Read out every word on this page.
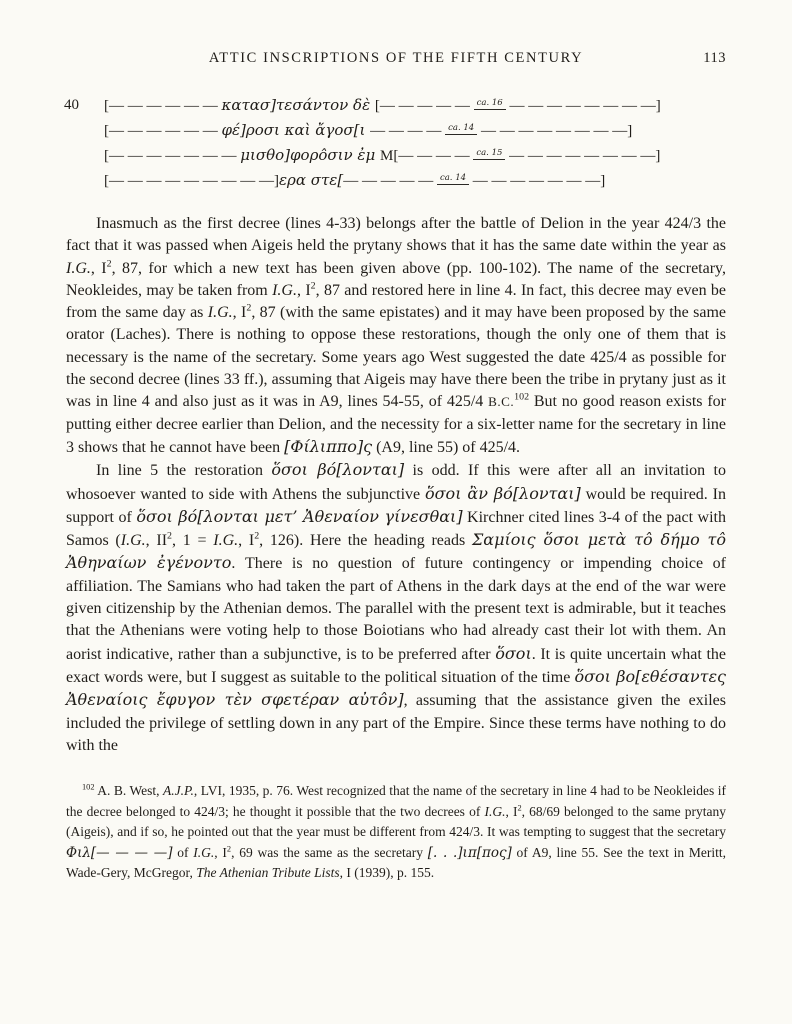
ATTIC INSCRIPTIONS OF THE FIFTH CENTURY	113
40 [— — — — — — κατασ]τεσάντον δὲ [— — — — — ca. 16 — — — — — — — —]
[— — — — — — φέ]ροσι καὶ ἄγοσ[ι — — — — ca. 14 — — — — — — — —]
[— — — — — — — μισθο]φορο̂σιν ἐμ Μ[— — — — ca. 15 — — — — — — — —]
[— — — — — — — — —]ερα στε[— — — — — ca. 14 — — — — — — —]

Inasmuch as the first decree (lines 4-33) belongs after the battle of Delion in the year 424/3 the fact that it was passed when Aigeis held the prytany shows that it has the same date within the year as I.G., $I^2$, 87, for which a new text has been given above (pp. 100-102). The name of the secretary, Neokleides, may be taken from I.G., $I^2$, 87 and restored here in line 4. In fact, this decree may even be from the same day as I.G., $I^2$, 87 (with the same epistates) and it may have been proposed by the same orator (Laches). There is nothing to oppose these restorations, though the only one of them that is necessary is the name of the secretary. Some years ago West suggested the date 425/4 as possible for the second decree (lines 33 ff.), assuming that Aigeis may have there been the tribe in prytany just as it was in line 4 and also just as it was in A9, lines 54-55, of 425/4 B.C.$^{102}$ But no good reason exists for putting either decree earlier than Delion, and the necessity for a six-letter name for the secretary in line 3 shows that he cannot have been [Φίλιππο]ς (A9, line 55) of 425/4.

In line 5 the restoration ὅσοι βό[λονται] is odd. If this were after all an invitation to whosoever wanted to side with Athens the subjunctive ὅσοι ἂν βό[λονται] would be required. In support of ὅσοι βό[λονται μετ’ Ἀθεναίον γίνεσθαι] Kirchner cited lines 3-4 of the pact with Samos (I.G., $II^2$, 1 = I.G., $I^2$, 126). Here the heading reads Σαμίοις ὅσοι μετὰ το̂ δήμο το̂ Ἀθηναίων ἐγένοντο. There is no question of future contingency or impending choice of affiliation. The Samians who had taken the part of Athens in the dark days at the end of the war were given citizenship by the Athenian demos. The parallel with the present text is admirable, but it teaches that the Athenians were voting help to those Boiotians who had already cast their lot with them. An aorist indicative, rather than a subjunctive, is to be preferred after ὅσοι. It is quite uncertain what the exact words were, but I suggest as suitable to the political situation of the time ὅσοι βο[εθέσαντες Ἀθεναίοις ἔφυγον τὲν σφετέραν αὐτο̂ν], assuming that the assistance given the exiles included the privilege of settling down in any part of the Empire. Since these terms have nothing to do with the

$^{102}$ A. B. West, A.J.P., LVI, 1935, p. 76. West recognized that the name of the secretary in line 4 had to be Neokleides if the decree belonged to 424/3; he thought it possible that the two decrees of I.G., $I^2$, 68/69 belonged to the same prytany (Aigeis), and if so, he pointed out that the year must be different from 424/3. It was tempting to suggest that the secretary Φιλ[— — — —] of I.G., $I^2$, 69 was the same as the secretary [. . .]ιπ[πος] of A9, line 55. See the text in Meritt, Wade-Gery, McGregor, The Athenian Tribute Lists, I (1939), p. 155.
